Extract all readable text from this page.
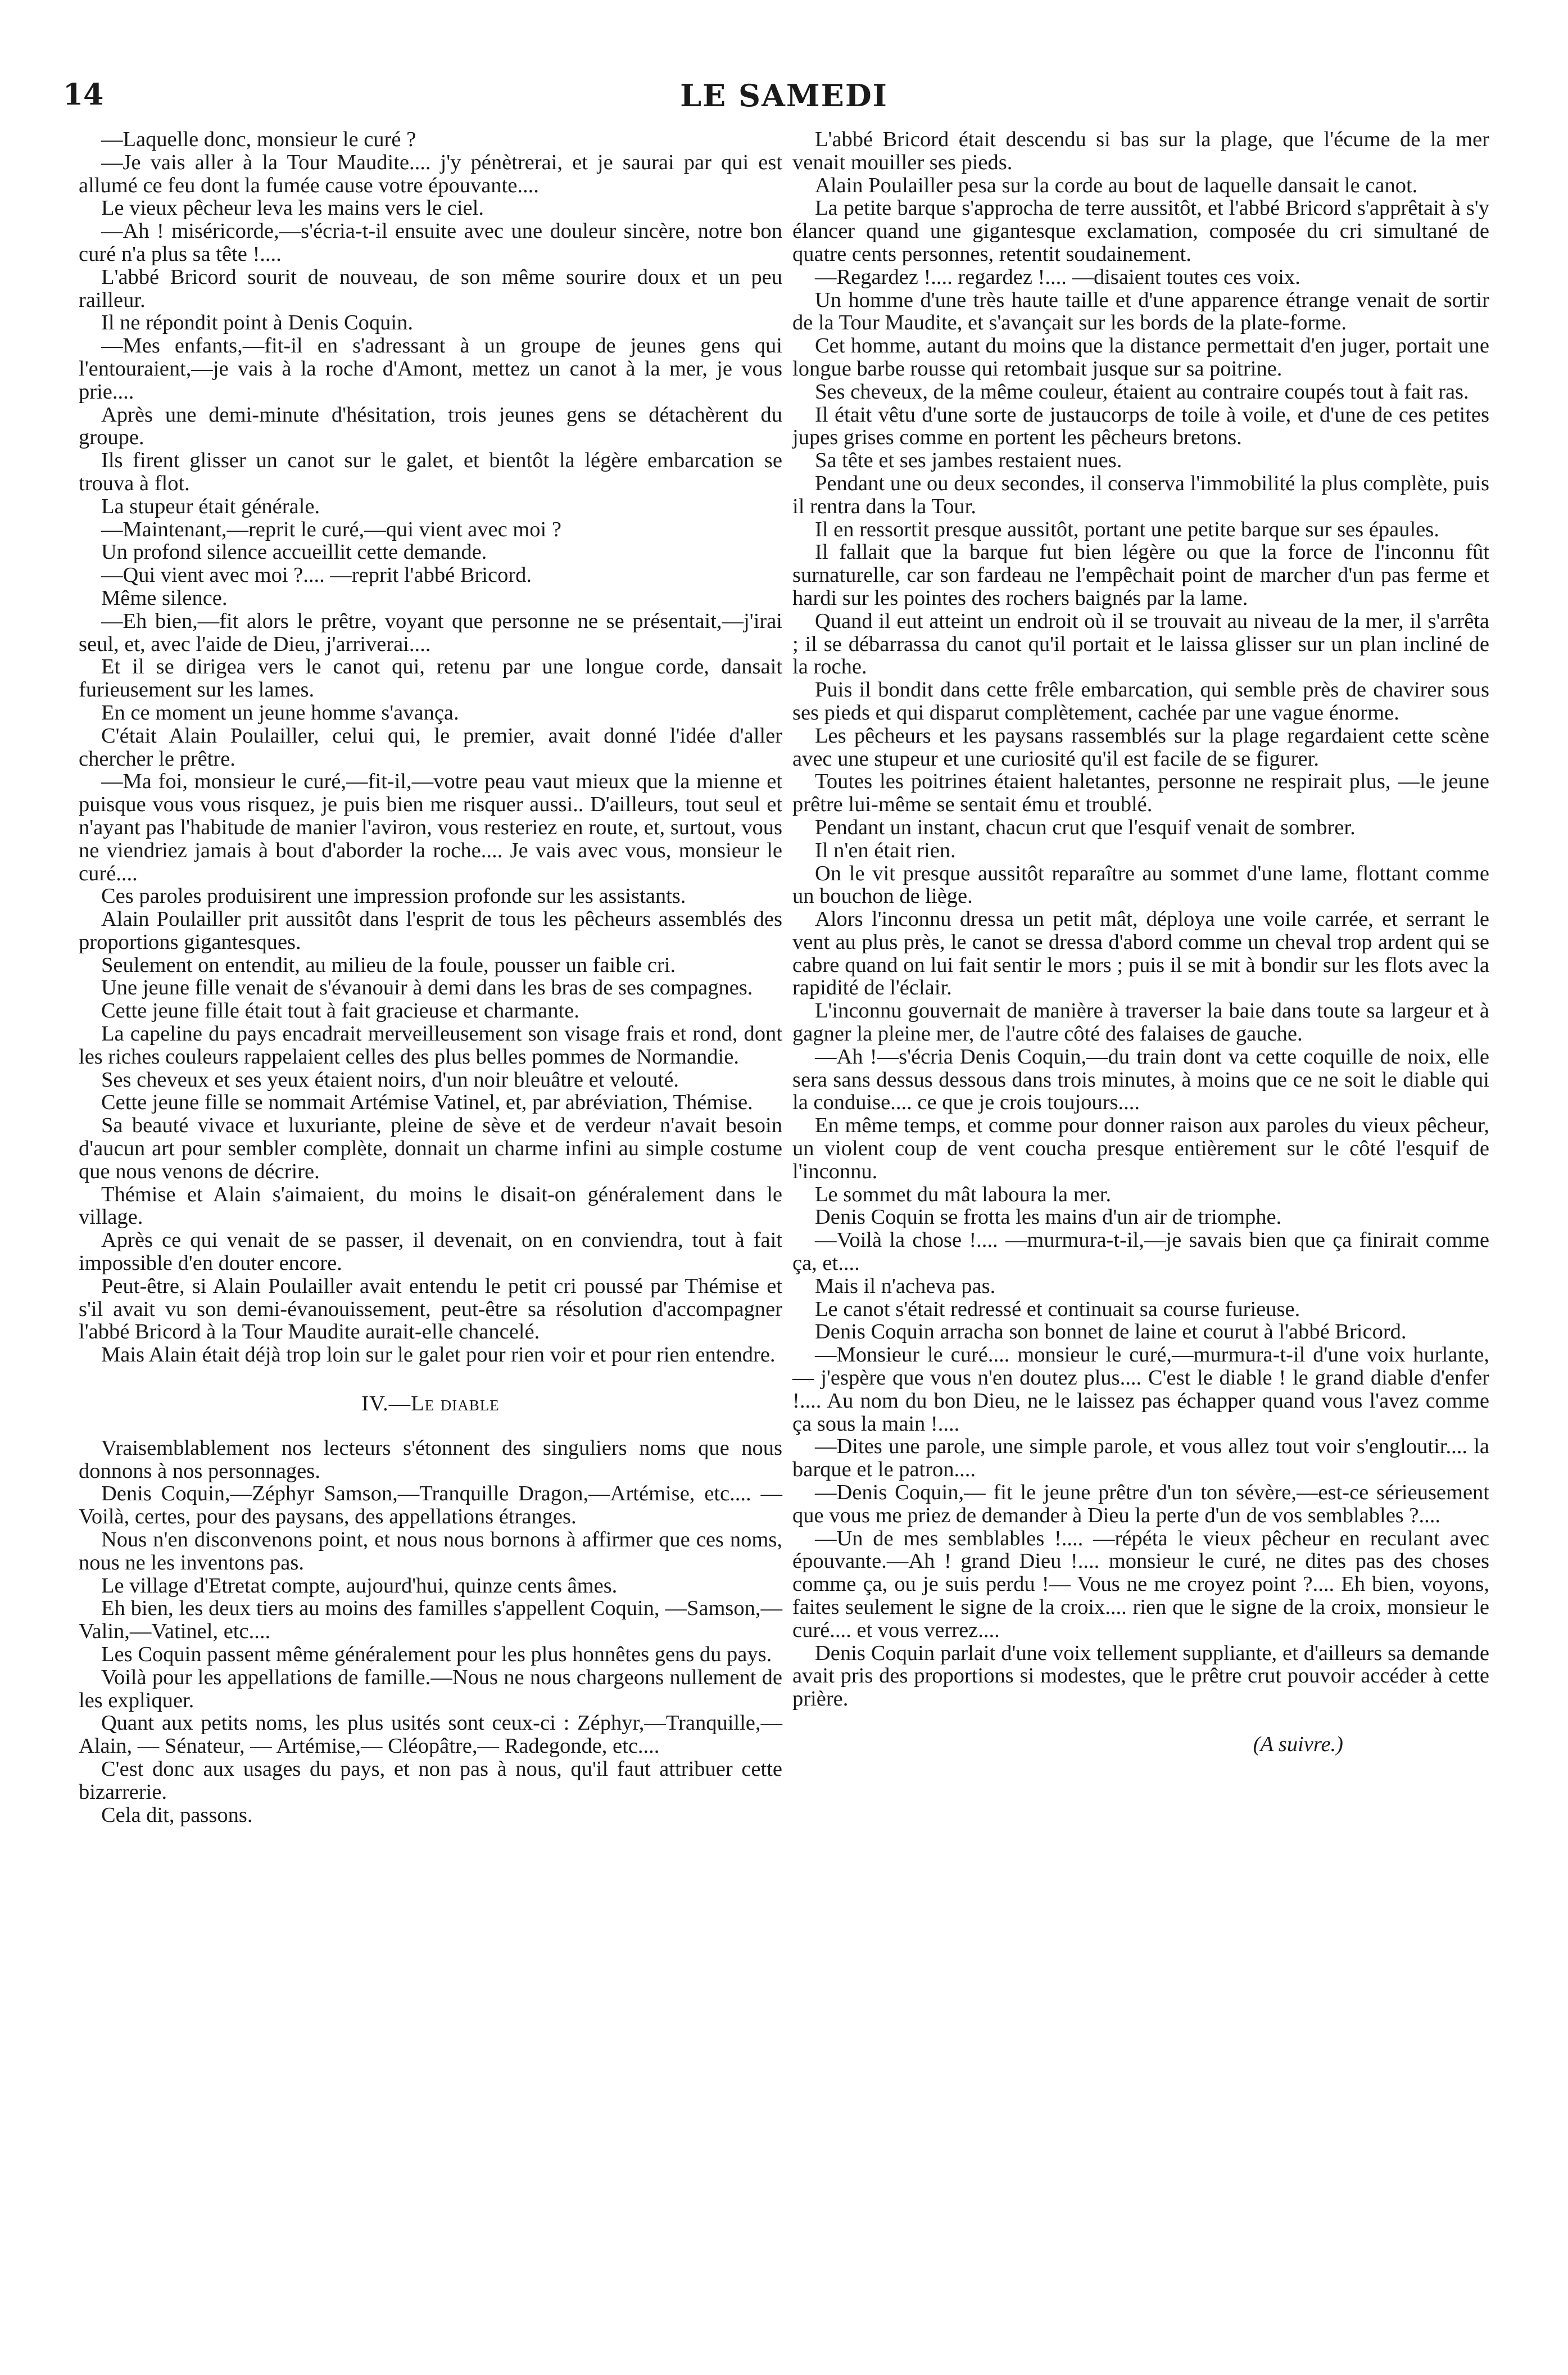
14	LE SAMEDI

—Laquelle donc, monsieur le curé ?

—Je vais aller à la Tour Maudite.... j'y pénètrerai, et je saurai par qui est allumé ce feu dont la fumée cause votre épouvante....

Le vieux pêcheur leva les mains vers le ciel.

—Ah ! miséricorde,—s'écria-t-il ensuite avec une douleur sincère, notre bon curé n'a plus sa tête !....

L'abbé Bricord sourit de nouveau, de son même sourire doux et un peu railleur.

Il ne répondit point à Denis Coquin.

—Mes enfants,—fit-il en s'adressant à un groupe de jeunes gens qui l'entouraient,—je vais à la roche d'Amont, mettez un canot à la mer, je vous prie....

Après une demi-minute d'hésitation, trois jeunes gens se détachèrent du groupe.

Ils firent glisser un canot sur le galet, et bientôt la légère embarcation se trouva à flot.

La stupeur était générale.

—Maintenant,—reprit le curé,—qui vient avec moi ?

Un profond silence accueillit cette demande.

—Qui vient avec moi ?.... —reprit l'abbé Bricord.

Même silence.

—Eh bien,—fit alors le prêtre, voyant que personne ne se présentait,—j'irai seul, et, avec l'aide de Dieu, j'arriverai....

Et il se dirigea vers le canot qui, retenu par une longue corde, dansait furieusement sur les lames.

En ce moment un jeune homme s'avança.

C'était Alain Poulailler, celui qui, le premier, avait donné l'idée d'aller chercher le prêtre.

—Ma foi, monsieur le curé,—fit-il,—votre peau vaut mieux que la mienne et puisque vous vous risquez, je puis bien me risquer aussi.. D'ailleurs, tout seul et n'ayant pas l'habitude de manier l'aviron, vous resteriez en route, et, surtout, vous ne viendriez jamais à bout d'aborder la roche.... Je vais avec vous, monsieur le curé....

Ces paroles produisirent une impression profonde sur les assistants.

Alain Poulailler prit aussitôt dans l'esprit de tous les pêcheurs assemblés des proportions gigantesques.

Seulement on entendit, au milieu de la foule, pousser un faible cri.

Une jeune fille venait de s'évanouir à demi dans les bras de ses compagnes.

Cette jeune fille était tout à fait gracieuse et charmante.

La capeline du pays encadrait merveilleusement son visage frais et rond, dont les riches couleurs rappelaient celles des plus belles pommes de Normandie.

Ses cheveux et ses yeux étaient noirs, d'un noir bleuâtre et velouté.

Cette jeune fille se nommait Artémise Vatinel, et, par abréviation, Thémise.

Sa beauté vivace et luxuriante, pleine de sève et de verdeur n'avait besoin d'aucun art pour sembler complète, donnait un charme infini au simple costume que nous venons de décrire.

Thémise et Alain s'aimaient, du moins le disait-on généralement dans le village.

Après ce qui venait de se passer, il devenait, on en conviendra, tout à fait impossible d'en douter encore.

Peut-être, si Alain Poulailler avait entendu le petit cri poussé par Thémise et s'il avait vu son demi-évanouissement, peut-être sa résolution d'accompagner l'abbé Bricord à la Tour Maudite aurait-elle chancelé.

Mais Alain était déjà trop loin sur le galet pour rien voir et pour rien entendre.

IV.—Le diable

Vraisemblablement nos lecteurs s'étonnent des singuliers noms que nous donnons à nos personnages.

Denis Coquin,—Zéphyr Samson,—Tranquille Dragon,—Artémise, etc.... —Voilà, certes, pour des paysans, des appellations étranges.

Nous n'en disconvenons point, et nous nous bornons à affirmer que ces noms, nous ne les inventons pas.

Le village d'Etretat compte, aujourd'hui, quinze cents âmes.

Eh bien, les deux tiers au moins des familles s'appellent Coquin, —Samson,—Valin,—Vatinel, etc....

Les Coquin passent même généralement pour les plus honnêtes gens du pays.

Voilà pour les appellations de famille.—Nous ne nous chargeons nullement de les expliquer.

Quant aux petits noms, les plus usités sont ceux-ci : Zéphyr,—Tranquille,— Alain, — Sénateur, — Artémise,— Cléopâtre,— Radegonde, etc....

C'est donc aux usages du pays, et non pas à nous, qu'il faut attribuer cette bizarrerie.

Cela dit, passons.

L'abbé Bricord était descendu si bas sur la plage, que l'écume de la mer venait mouiller ses pieds.

Alain Poulailler pesa sur la corde au bout de laquelle dansait le canot.

La petite barque s'approcha de terre aussitôt, et l'abbé Bricord s'apprêtait à s'y élancer quand une gigantesque exclamation, composée du cri simultané de quatre cents personnes, retentit soudainement.

—Regardez !.... regardez !.... —disaient toutes ces voix.

Un homme d'une très haute taille et d'une apparence étrange venait de sortir de la Tour Maudite, et s'avançait sur les bords de la plate-forme.

Cet homme, autant du moins que la distance permettait d'en juger, portait une longue barbe rousse qui retombait jusque sur sa poitrine.

Ses cheveux, de la même couleur, étaient au contraire coupés tout à fait ras.

Il était vêtu d'une sorte de justaucorps de toile à voile, et d'une de ces petites jupes grises comme en portent les pêcheurs bretons.

Sa tête et ses jambes restaient nues.

Pendant une ou deux secondes, il conserva l'immobilité la plus complète, puis il rentra dans la Tour.

Il en ressortit presque aussitôt, portant une petite barque sur ses épaules.

Il fallait que la barque fut bien légère ou que la force de l'inconnu fût surnaturelle, car son fardeau ne l'empêchait point de marcher d'un pas ferme et hardi sur les pointes des rochers baignés par la lame.

Quand il eut atteint un endroit où il se trouvait au niveau de la mer, il s'arrêta ; il se débarrassa du canot qu'il portait et le laissa glisser sur un plan incliné de la roche.

Puis il bondit dans cette frêle embarcation, qui semble près de chavirer sous ses pieds et qui disparut complètement, cachée par une vague énorme.

Les pêcheurs et les paysans rassemblés sur la plage regardaient cette scène avec une stupeur et une curiosité qu'il est facile de se figurer.

Toutes les poitrines étaient haletantes, personne ne respirait plus, —le jeune prêtre lui-même se sentait ému et troublé.

Pendant un instant, chacun crut que l'esquif venait de sombrer.

Il n'en était rien.

On le vit presque aussitôt reparaître au sommet d'une lame, flottant comme un bouchon de liège.

Alors l'inconnu dressa un petit mât, déploya une voile carrée, et serrant le vent au plus près, le canot se dressa d'abord comme un cheval trop ardent qui se cabre quand on lui fait sentir le mors ; puis il se mit à bondir sur les flots avec la rapidité de l'éclair.

L'inconnu gouvernait de manière à traverser la baie dans toute sa largeur et à gagner la pleine mer, de l'autre côté des falaises de gauche.

—Ah !—s'écria Denis Coquin,—du train dont va cette coquille de noix, elle sera sans dessus dessous dans trois minutes, à moins que ce ne soit le diable qui la conduise.... ce que je crois toujours....

En même temps, et comme pour donner raison aux paroles du vieux pêcheur, un violent coup de vent coucha presque entièrement sur le côté l'esquif de l'inconnu.

Le sommet du mât laboura la mer.

Denis Coquin se frotta les mains d'un air de triomphe.

—Voilà la chose !.... —murmura-t-il,—je savais bien que ça finirait comme ça, et....

Mais il n'acheva pas.

Le canot s'était redressé et continuait sa course furieuse.

Denis Coquin arracha son bonnet de laine et courut à l'abbé Bricord.

—Monsieur le curé.... monsieur le curé,—murmura-t-il d'une voix hurlante,— j'espère que vous n'en doutez plus.... C'est le diable ! le grand diable d'enfer !.... Au nom du bon Dieu, ne le laissez pas échapper quand vous l'avez comme ça sous la main !....

—Dites une parole, une simple parole, et vous allez tout voir s'engloutir.... la barque et le patron....

—Denis Coquin,— fit le jeune prêtre d'un ton sévère,—est-ce sérieusement que vous me priez de demander à Dieu la perte d'un de vos semblables ?....

—Un de mes semblables !.... —répéta le vieux pêcheur en reculant avec épouvante.—Ah ! grand Dieu !.... monsieur le curé, ne dites pas des choses comme ça, ou je suis perdu !— Vous ne me croyez point ?.... Eh bien, voyons, faites seulement le signe de la croix.... rien que le signe de la croix, monsieur le curé.... et vous verrez....

Denis Coquin parlait d'une voix tellement suppliante, et d'ailleurs sa demande avait pris des proportions si modestes, que le prêtre crut pouvoir accéder à cette prière.

(A suivre.)
